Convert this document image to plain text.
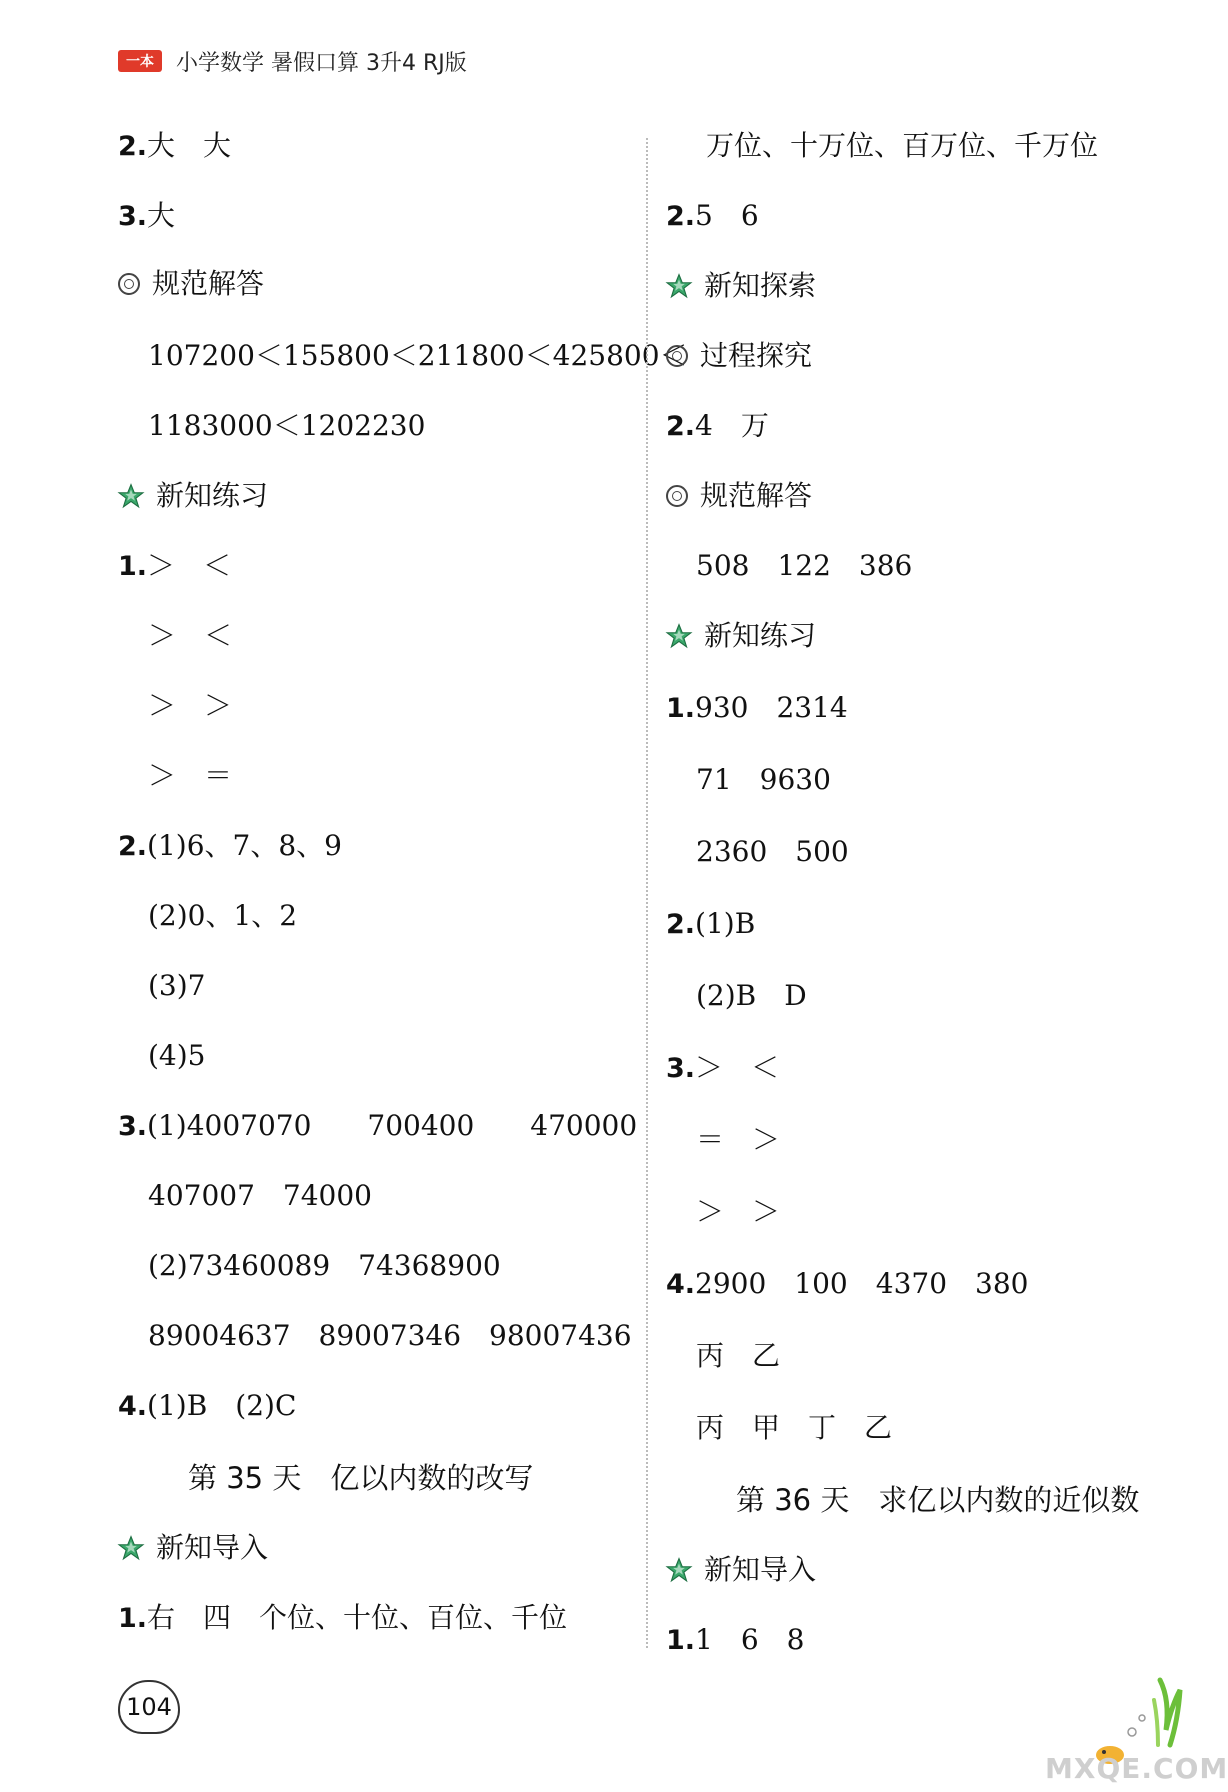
一本	小学数学 暑假口算 3升4 RJ版
2.大　大
3.大
规范解答
107200＜155800＜211800＜425800＜
1183000＜1202230
新知练习
1.＞　＜
＞　＜
＞　＞
＞　＝
2.(1)6、7、8、9
(2)0、1、2
(3)7
(4)5
3.(1)4007070　　700400　　470000
407007　74000
(2)73460089　74368900
89004637　89007346　98007436
4.(1)B　(2)C
第 35 天　亿以内数的改写
新知导入
1.右　四　个位、十位、百位、千位
万位、十万位、百万位、千万位
2.5　6
新知探索
过程探究
2.4　万
规范解答
508　122　386
新知练习
1.930　2314
71　9630
2360　500
2.(1)B
(2)B　D
3.＞　＜
＝　＞
＞　＞
4.2900　100　4370　380
丙　乙
丙　甲　丁　乙
第 36 天　求亿以内数的近似数
新知导入
1.1　6　8
104
MXQE.COM
